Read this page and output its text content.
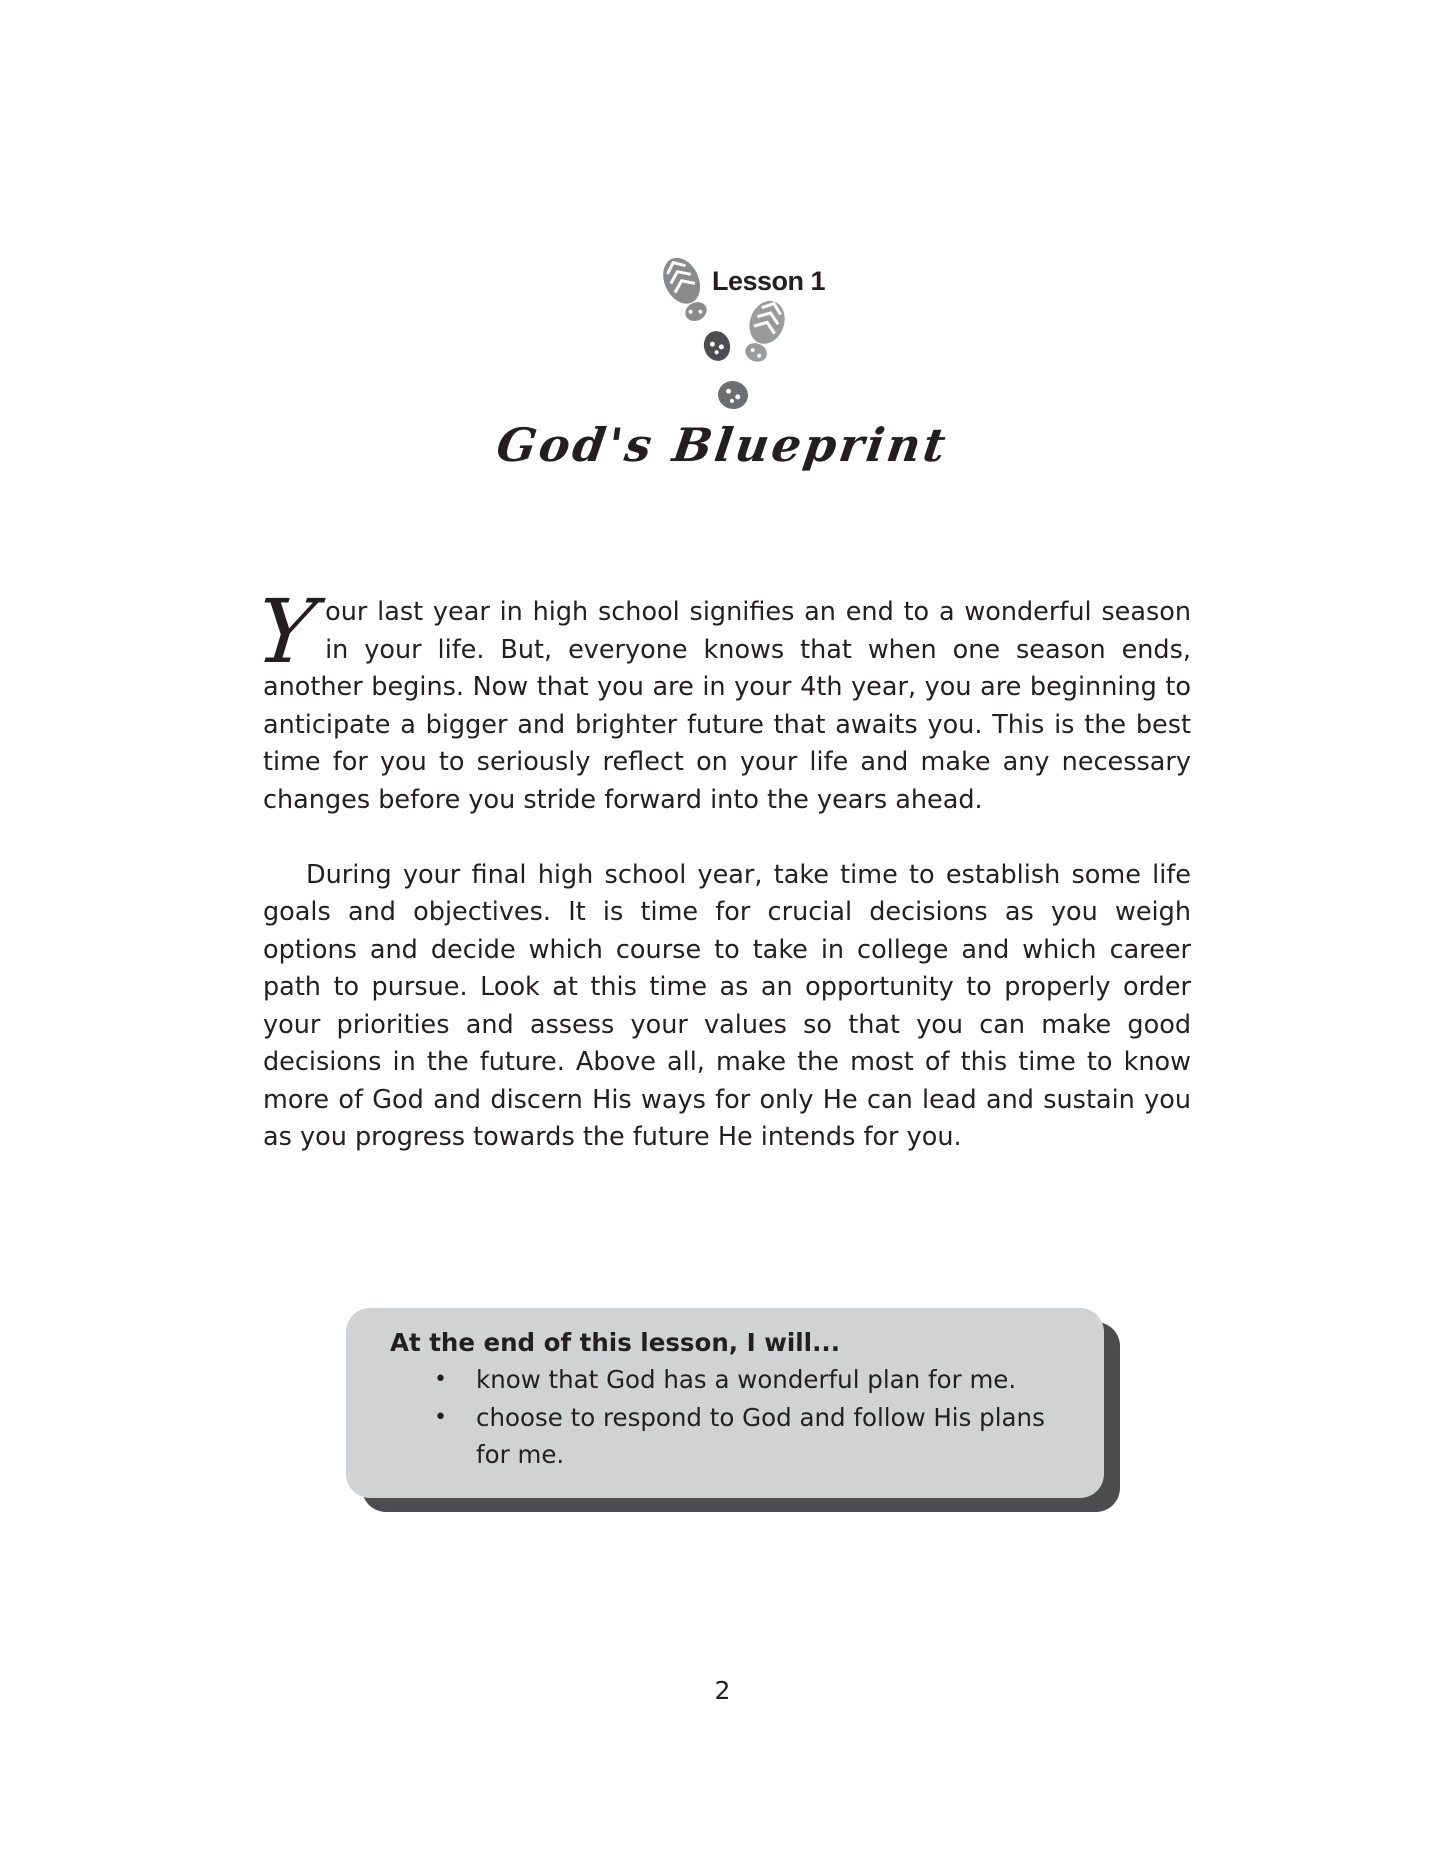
Lesson 1
God's Blueprint

Your last year in high school signifies an end to a wonderful season in your life. But, everyone knows that when one season ends, another begins. Now that you are in your 4th year, you are beginning to anticipate a bigger and brighter future that awaits you. This is the best time for you to seriously reflect on your life and make any necessary changes before you stride forward into the years ahead.

During your final high school year, take time to establish some life goals and objectives. It is time for crucial decisions as you weigh options and decide which course to take in college and which career path to pursue. Look at this time as an opportunity to properly order your priorities and assess your values so that you can make good decisions in the future. Above all, make the most of this time to know more of God and discern His ways for only He can lead and sustain you as you progress towards the future He intends for you.

At the end of this lesson, I will...
• know that God has a wonderful plan for me.
• choose to respond to God and follow His plans for me.
2
